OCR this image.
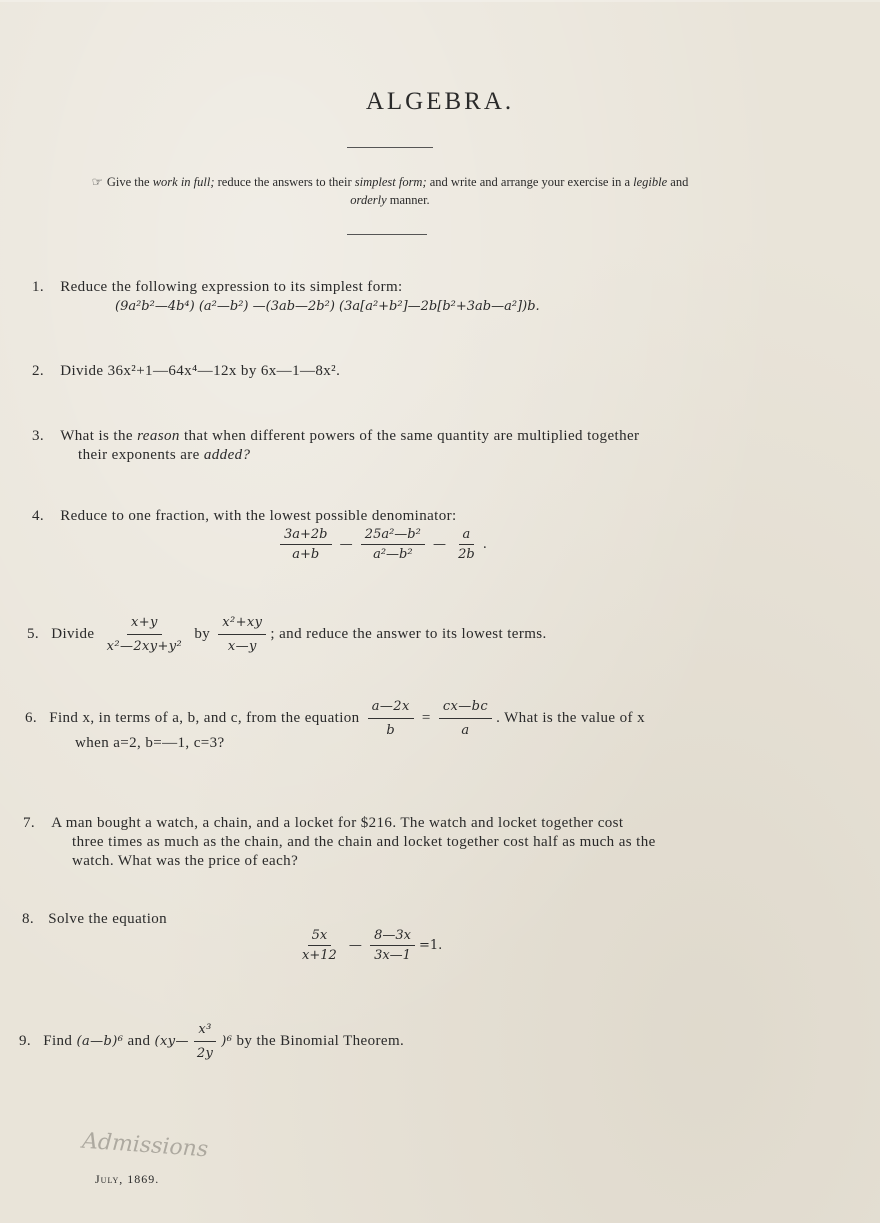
ALGEBRA.
☞ Give the work in full; reduce the answers to their simplest form; and write and arrange your exercise in a legible and
orderly manner.
1. Reduce the following expression to its simplest form:
(9a²b²—4b⁴) (a²—b²) —(3ab—2b²) (3a[a²+b²]—2b[b²+3ab—a²])b.
2. Divide 36x²+1—64x⁴—12x by 6x—1—8x².
3. What is the reason that when different powers of the same quantity are multiplied together
their exponents are added?
4. Reduce to one fraction, with the lowest possible denominator:
$\frac{3a+2b}{a+b}$ — $\frac{\text{25a²—b²}}{\text{a²—b²}}$ — $\frac{a}{2b}$ .
5. Divide $\frac{x+y}{\text{x²—2xy+y²}}$ by $\frac{\text{x²+xy}}{x—y}$ ; and reduce the answer to its lowest terms.
6. Find x, in terms of a, b, and c, from the equation $\frac{a—2x}{b} = \frac{cx—bc}{a}$ . What is the value of x
when a=2, b=—1, c=3?
7. A man bought a watch, a chain, and a locket for $216. The watch and locket together cost
three times as much as the chain, and the chain and locket together cost half as much as the
watch. What was the price of each?
8. Solve the equation
$\frac{5x}{x+12}$ — $\frac{8—3x}{3x—1} =1$.
9. Find (a—b)⁶ and (xy— $\frac{\text{x³}}{2y} )^6$ by the Binomial Theorem.
Admissions
July, 1869.
